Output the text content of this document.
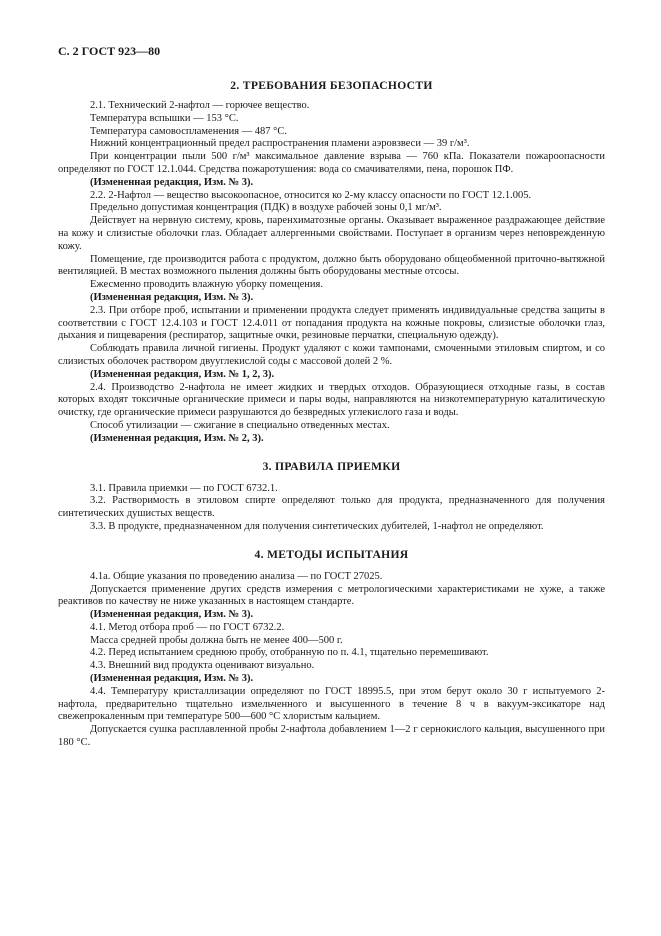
С. 2 ГОСТ 923—80
2. ТРЕБОВАНИЯ БЕЗОПАСНОСТИ
2.1. Технический 2-нафтол — горючее вещество.
Температура вспышки — 153 °С.
Температура самовоспламенения — 487 °С.
Нижний концентрационный предел распространения пламени аэровзвеси — 39 г/м³.
При концентрации пыли 500 г/м³ максимальное давление взрыва — 760 кПа. Показатели пожароопасности определяют по ГОСТ 12.1.044. Средства пожаротушения: вода со смачивателями, пена, порошок ПФ.
(Измененная редакция, Изм. № 3).
2.2. 2-Нафтол — вещество высокоопасное, относится ко 2-му классу опасности по ГОСТ 12.1.005.
Предельно допустимая концентрация (ПДК) в воздухе рабочей зоны 0,1 мг/м³.
Действует на нервную систему, кровь, паренхиматозные органы. Оказывает выраженное раздражающее действие на кожу и слизистые оболочки глаз. Обладает аллергенными свойствами. Поступает в организм через неповрежденную кожу.
Помещение, где производится работа с продуктом, должно быть оборудовано общеобменной приточно-вытяжной вентиляцией. В местах возможного пыления должны быть оборудованы местные отсосы.
Ежесменно проводить влажную уборку помещения.
(Измененная редакция, Изм. № 3).
2.3. При отборе проб, испытании и применении продукта следует применять индивидуальные средства защиты в соответствии с ГОСТ 12.4.103 и ГОСТ 12.4.011 от попадания продукта на кожные покровы, слизистые оболочки глаз, дыхания и пищеварения (респиратор, защитные очки, резиновые перчатки, специальную одежду).
Соблюдать правила личной гигиены. Продукт удаляют с кожи тампонами, смоченными этиловым спиртом, и со слизистых оболочек раствором двууглекислой соды с массовой долей 2 %.
(Измененная редакция, Изм. № 1, 2, 3).
2.4. Производство 2-нафтола не имеет жидких и твердых отходов. Образующиеся отходные газы, в состав которых входят токсичные органические примеси и пары воды, направляются на низкотемпературную каталитическую очистку, где органические примеси разрушаются до безвредных углекислого газа и воды.
Способ утилизации — сжигание в специально отведенных местах.
(Измененная редакция, Изм. № 2, 3).
3. ПРАВИЛА ПРИЕМКИ
3.1. Правила приемки — по ГОСТ 6732.1.
3.2. Растворимость в этиловом спирте определяют только для продукта, предназначенного для получения синтетических душистых веществ.
3.3. В продукте, предназначенном для получения синтетических дубителей, 1-нафтол не определяют.
4. МЕТОДЫ ИСПЫТАНИЯ
4.1а. Общие указания по проведению анализа — по ГОСТ 27025.
Допускается применение других средств измерения с метрологическими характеристиками не хуже, а также реактивов по качеству не ниже указанных в настоящем стандарте.
(Измененная редакция, Изм. № 3).
4.1. Метод отбора проб — по ГОСТ 6732.2.
Масса средней пробы должна быть не менее 400—500 г.
4.2. Перед испытанием среднюю пробу, отобранную по п. 4.1, тщательно перемешивают.
4.3. Внешний вид продукта оценивают визуально.
(Измененная редакция, Изм. № 3).
4.4. Температуру кристаллизации определяют по ГОСТ 18995.5, при этом берут около 30 г испытуемого 2-нафтола, предварительно тщательно измельченного и высушенного в течение 8 ч в вакуум-эксикаторе над свежепрокаленным при температуре 500—600 °С хлористым кальцием.
Допускается сушка расплавленной пробы 2-нафтола добавлением 1—2 г сернокислого кальция, высушенного при 180 °С.
